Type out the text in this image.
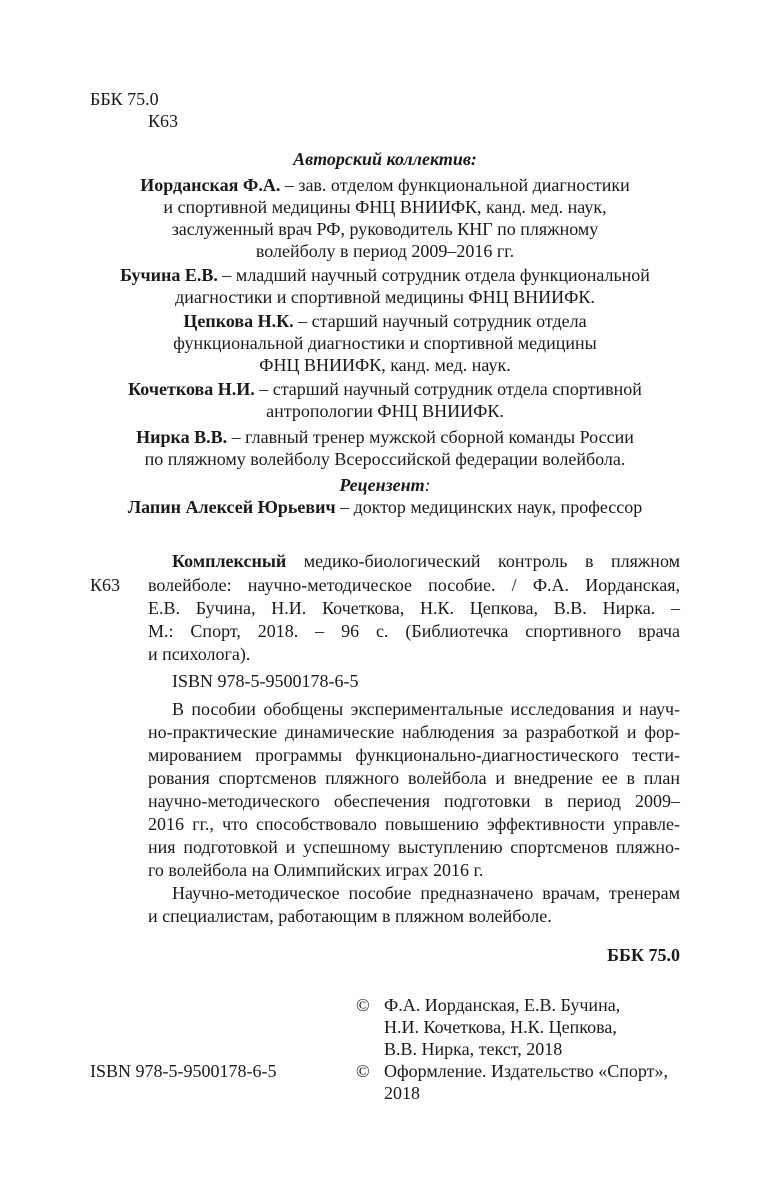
ББК 75.0
К63
Авторский коллектив:
Иорданская Ф.А. – зав. отделом функциональной диагностики
и спортивной медицины ФНЦ ВНИИФК, канд. мед. наук,
заслуженный врач РФ, руководитель КНГ по пляжному
волейболу в период 2009–2016 гг.
Бучина Е.В. – младший научный сотрудник отдела функциональной
диагностики и спортивной медицины ФНЦ ВНИИФК.
Цепкова Н.К. – старший научный сотрудник отдела
функциональной диагностики и спортивной медицины
ФНЦ ВНИИФК, канд. мед. наук.
Кочеткова Н.И. – старший научный сотрудник отдела спортивной
антропологии ФНЦ ВНИИФК.
Нирка В.В. – главный тренер мужской сборной команды России
по пляжному волейболу Всероссийской федерации волейбола.
Рецензент:
Лапин Алексей Юрьевич – доктор медицинских наук, профессор
К63
Комплексный медико-биологический контроль в пляжном
волейболе: научно-методическое пособие. / Ф.А. Иорданская,
Е.В. Бучина, Н.И. Кочеткова, Н.К. Цепкова, В.В. Нирка. –
М.: Спорт, 2018. – 96 с. (Библиотечка спортивного врача
и психолога).
ISBN 978-5-9500178-6-5
В пособии обобщены экспериментальные исследования и науч-
но-практические динамические наблюдения за разработкой и фор-
мированием программы функционально-диагностического тести-
рования спортсменов пляжного волейбола и внедрение ее в план
научно-методического обеспечения подготовки в период 2009–
2016 гг., что способствовало повышению эффективности управле-
ния подготовкой и успешному выступлению спортсменов пляжно-
го волейбола на Олимпийских играх 2016 г.
Научно-методическое пособие предназначено врачам, тренерам
и специалистам, работающим в пляжном волейболе.
ББК 75.0
© Ф.А. Иорданская, Е.В. Бучина,
Н.И. Кочеткова, Н.К. Цепкова,
В.В. Нирка, текст, 2018
© Оформление. Издательство «Спорт»,
2018
ISBN 978-5-9500178-6-5
